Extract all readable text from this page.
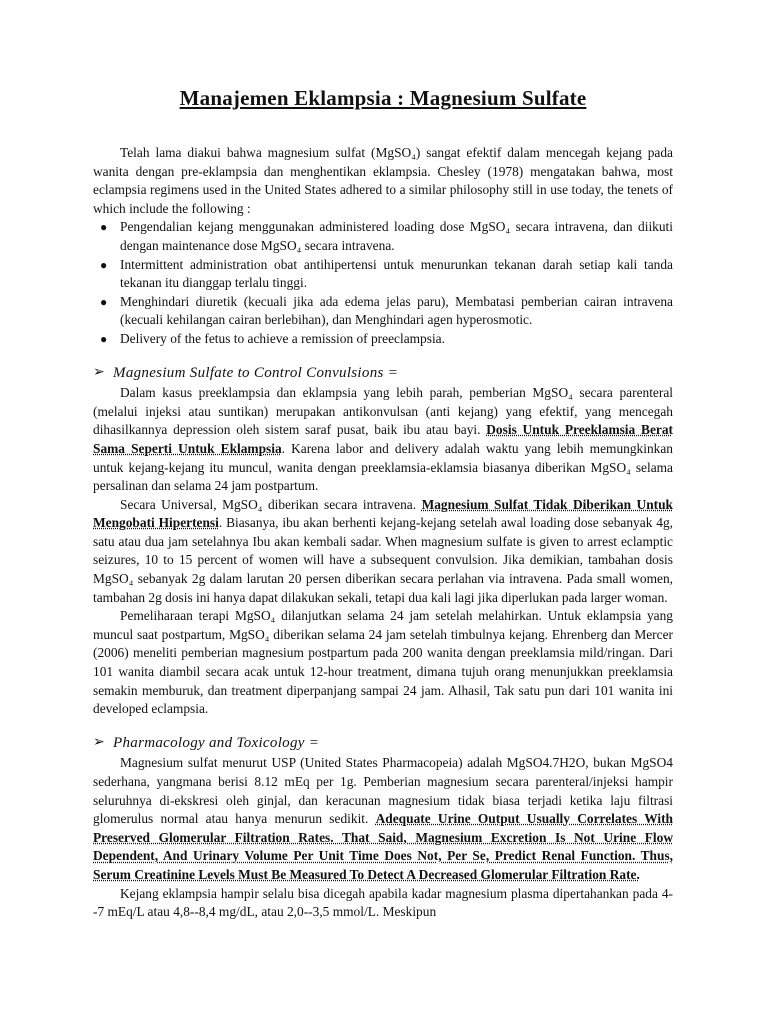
Manajemen Eklampsia : Magnesium Sulfate

Telah lama diakui bahwa magnesium sulfat (MgSO₄) sangat efektif dalam mencegah kejang pada wanita dengan pre-eklampsia dan menghentikan eklampsia. Chesley (1978) mengatakan bahwa, most eclampsia regimens used in the United States adhered to a similar philosophy still in use today, the tenets of which include the following :

● Pengendalian kejang menggunakan administered loading dose MgSO₄ secara intravena, dan diikuti dengan maintenance dose MgSO₄ secara intravena.
● Intermittent administration obat antihipertensi untuk menurunkan tekanan darah setiap kali tanda tekanan itu dianggap terlalu tinggi.
● Menghindari diuretik (kecuali jika ada edema jelas paru), Membatasi pemberian cairan intravena (kecuali kehilangan cairan berlebihan), dan Menghindari agen hyperosmotic.
● Delivery of the fetus to achieve a remission of preeclampsia.
➢ Magnesium Sulfate to Control Convulsions =

Dalam kasus preeklampsia dan eklampsia yang lebih parah, pemberian MgSO₄ secara parenteral (melalui injeksi atau suntikan) merupakan antikonvulsan (anti kejang) yang efektif, yang mencegah dihasilkannya depression oleh sistem saraf pusat, baik ibu atau bayi. Dosis Untuk Preeklamsia Berat Sama Seperti Untuk Eklampsia. Karena labor and delivery adalah waktu yang lebih memungkinkan untuk kejang-kejang itu muncul, wanita dengan preeklamsia-eklamsia biasanya diberikan MgSO₄ selama persalinan dan selama 24 jam postpartum.

Secara Universal, MgSO₄ diberikan secara intravena. Magnesium Sulfat Tidak Diberikan Untuk Mengobati Hipertensi. Biasanya, ibu akan berhenti kejang-kejang setelah awal loading dose sebanyak 4g, satu atau dua jam setelahnya Ibu akan kembali sadar. When magnesium sulfate is given to arrest eclamptic seizures, 10 to 15 percent of women will have a subsequent convulsion. Jika demikian, tambahan dosis MgSO₄ sebanyak 2g dalam larutan 20 persen diberikan secara perlahan via intravena. Pada small women, tambahan 2g dosis ini hanya dapat dilakukan sekali, tetapi dua kali lagi jika diperlukan pada larger woman.

Pemeliharaan terapi MgSO₄ dilanjutkan selama 24 jam setelah melahirkan. Untuk eklampsia yang muncul saat postpartum, MgSO₄ diberikan selama 24 jam setelah timbulnya kejang. Ehrenberg dan Mercer (2006) meneliti pemberian magnesium postpartum pada 200 wanita dengan preeklamsia mild/ringan. Dari 101 wanita diambil secara acak untuk 12-hour treatment, dimana tujuh orang menunjukkan preeklamsia semakin memburuk, dan treatment diperpanjang sampai 24 jam. Alhasil, Tak satu pun dari 101 wanita ini developed eclampsia.

➢ Pharmacology and Toxicology =

Magnesium sulfat menurut USP (United States Pharmacopeia) adalah MgSO4.7H2O, bukan MgSO4 sederhana, yangmana berisi 8.12 mEq per 1g. Pemberian magnesium secara parenteral/injeksi hampir seluruhnya di-ekskresi oleh ginjal, dan keracunan magnesium tidak biasa terjadi ketika laju filtrasi glomerulus normal atau hanya menurun sedikit. Adequate Urine Output Usually Correlates With Preserved Glomerular Filtration Rates. That Said, Magnesium Excretion Is Not Urine Flow Dependent, And Urinary Volume Per Unit Time Does Not, Per Se, Predict Renal Function. Thus, Serum Creatinine Levels Must Be Measured To Detect A Decreased Glomerular Filtration Rate.

Kejang eklampsia hampir selalu bisa dicegah apabila kadar magnesium plasma dipertahankan pada 4--7 mEq/L atau 4,8--8,4 mg/dL, atau 2,0--3,5 mmol/L. Meskipun
